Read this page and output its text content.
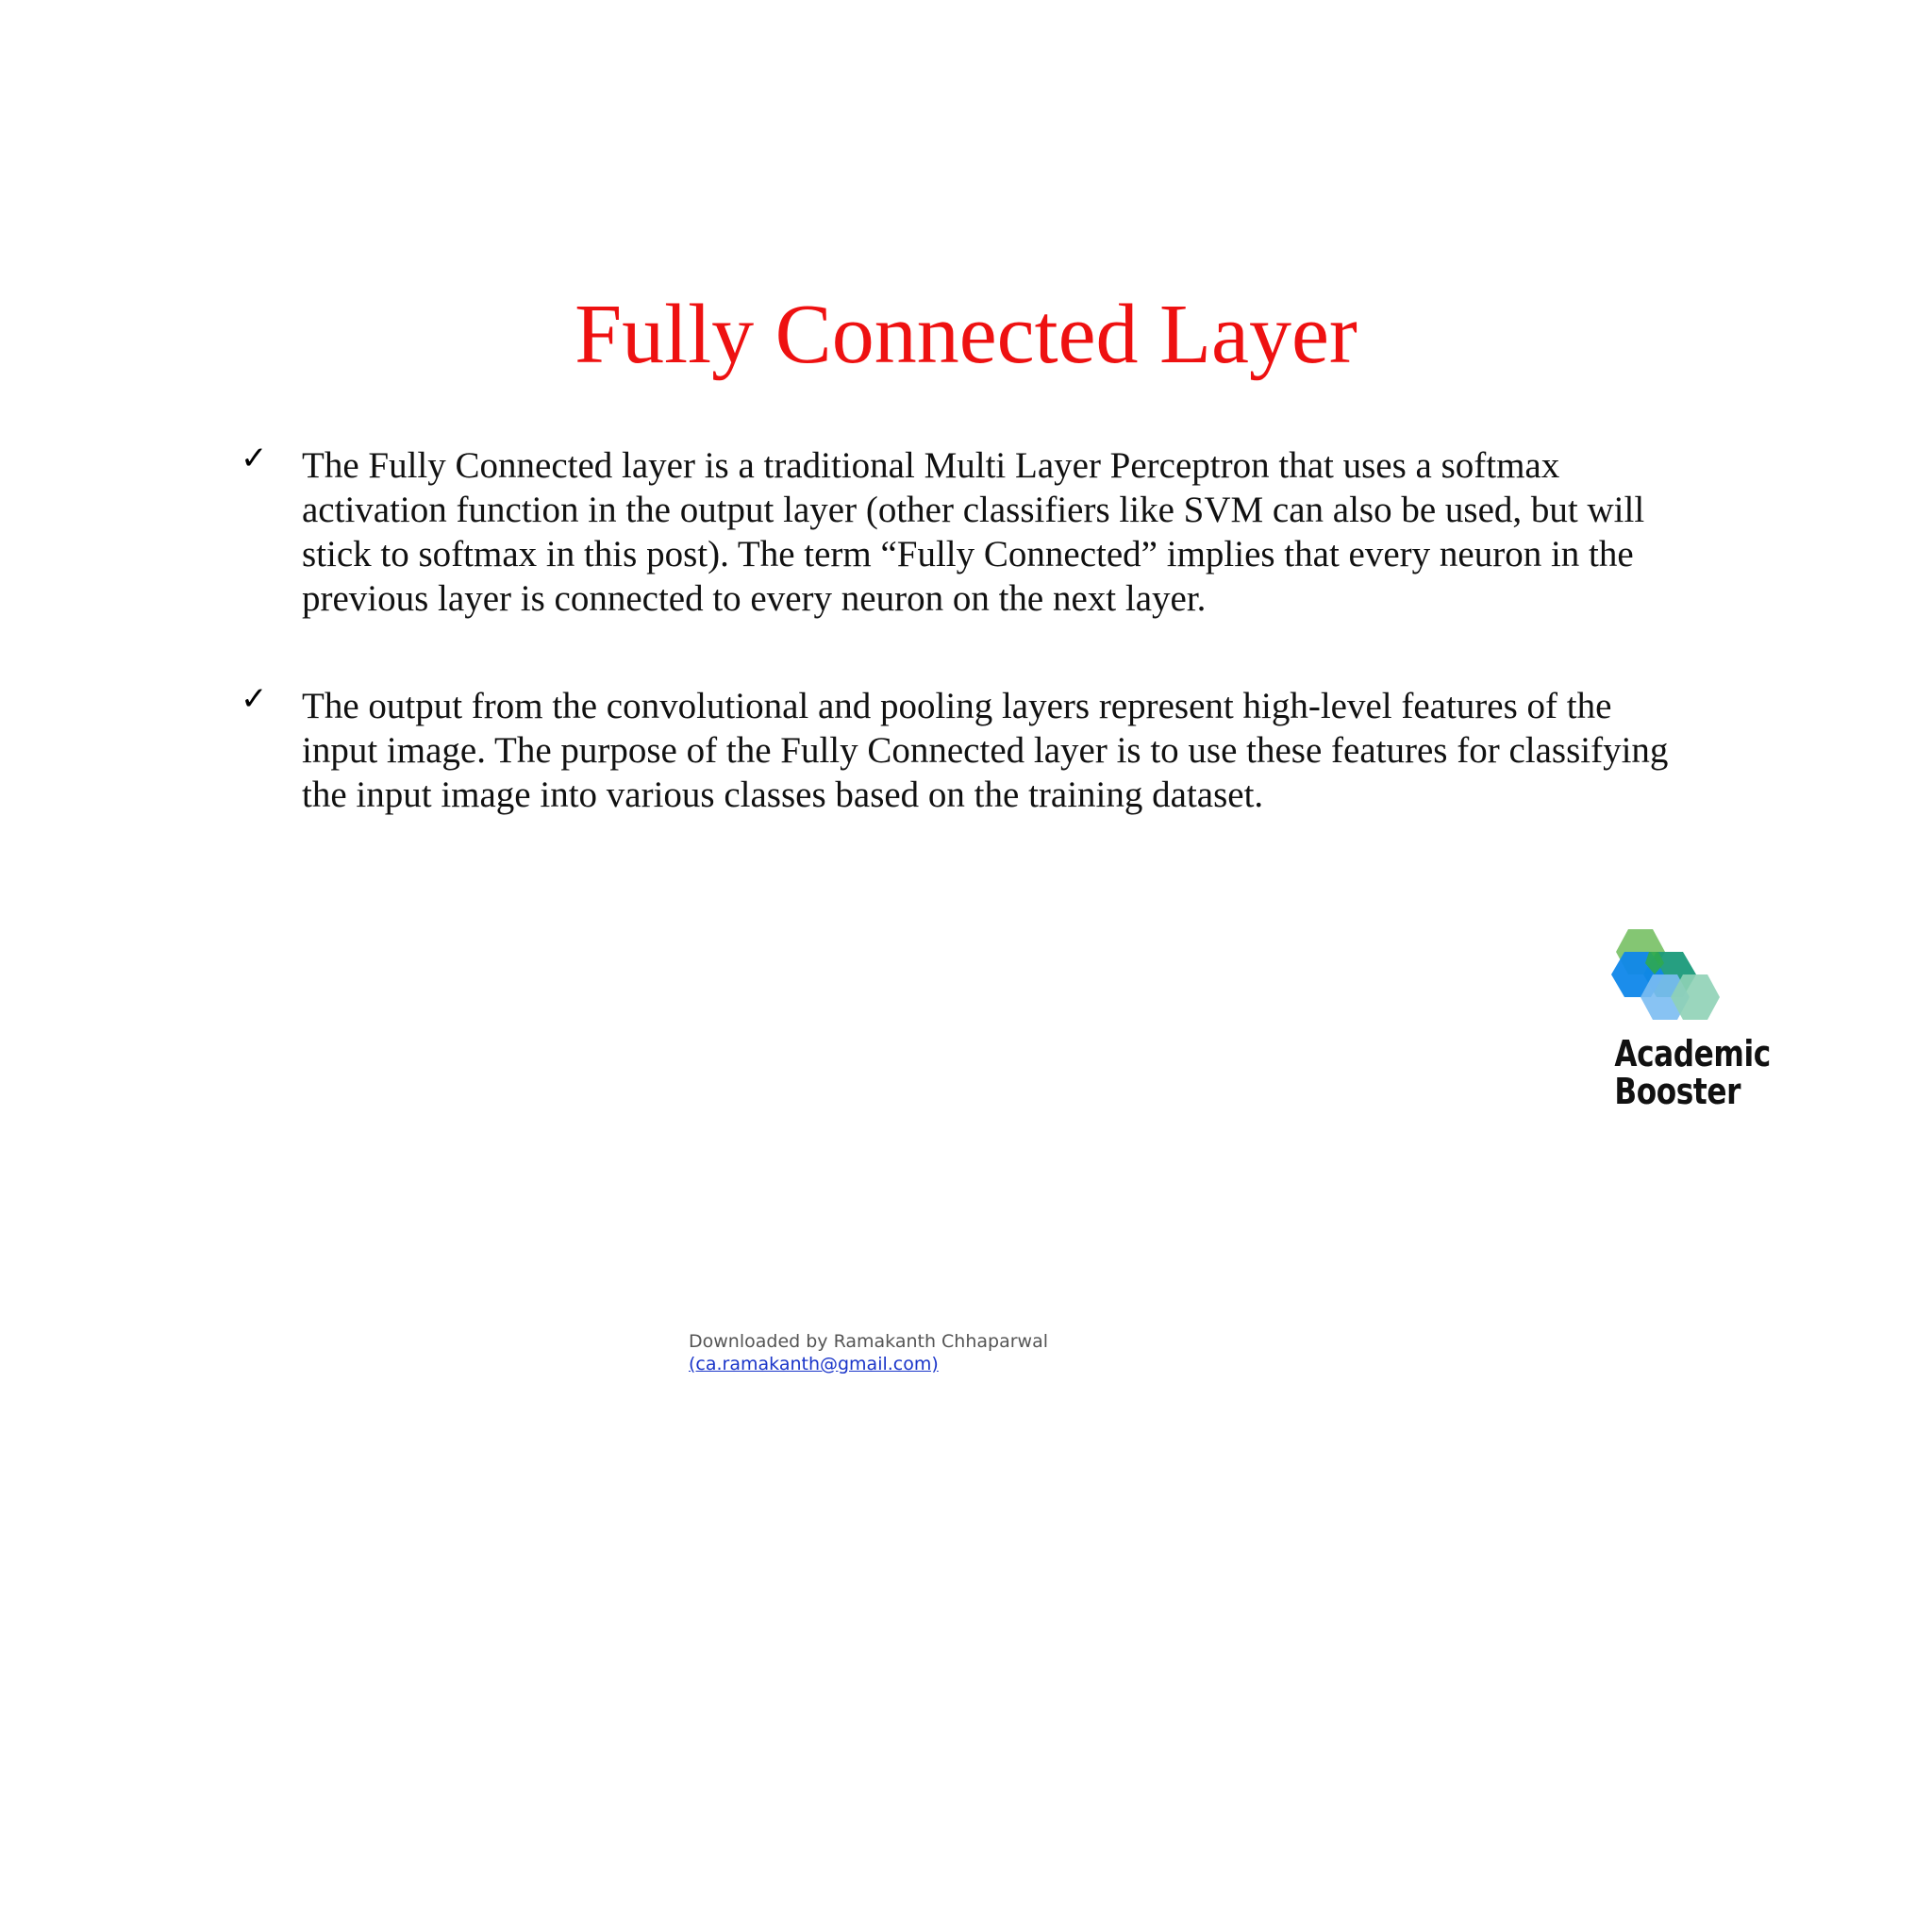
Fully Connected Layer
✓ The Fully Connected layer is a traditional Multi Layer Perceptron that uses a softmax activation function in the output layer (other classifiers like SVM can also be used, but will stick to softmax in this post). The term “Fully Connected” implies that every neuron in the previous layer is connected to every neuron on the next layer.
✓ The output from the convolutional and pooling layers represent high-level features of the input image. The purpose of the Fully Connected layer is to use these features for classifying the input image into various classes based on the training dataset.
Academic
Booster
Downloaded by Ramakanth Chhaparwal
(ca.ramakanth@gmail.com)
